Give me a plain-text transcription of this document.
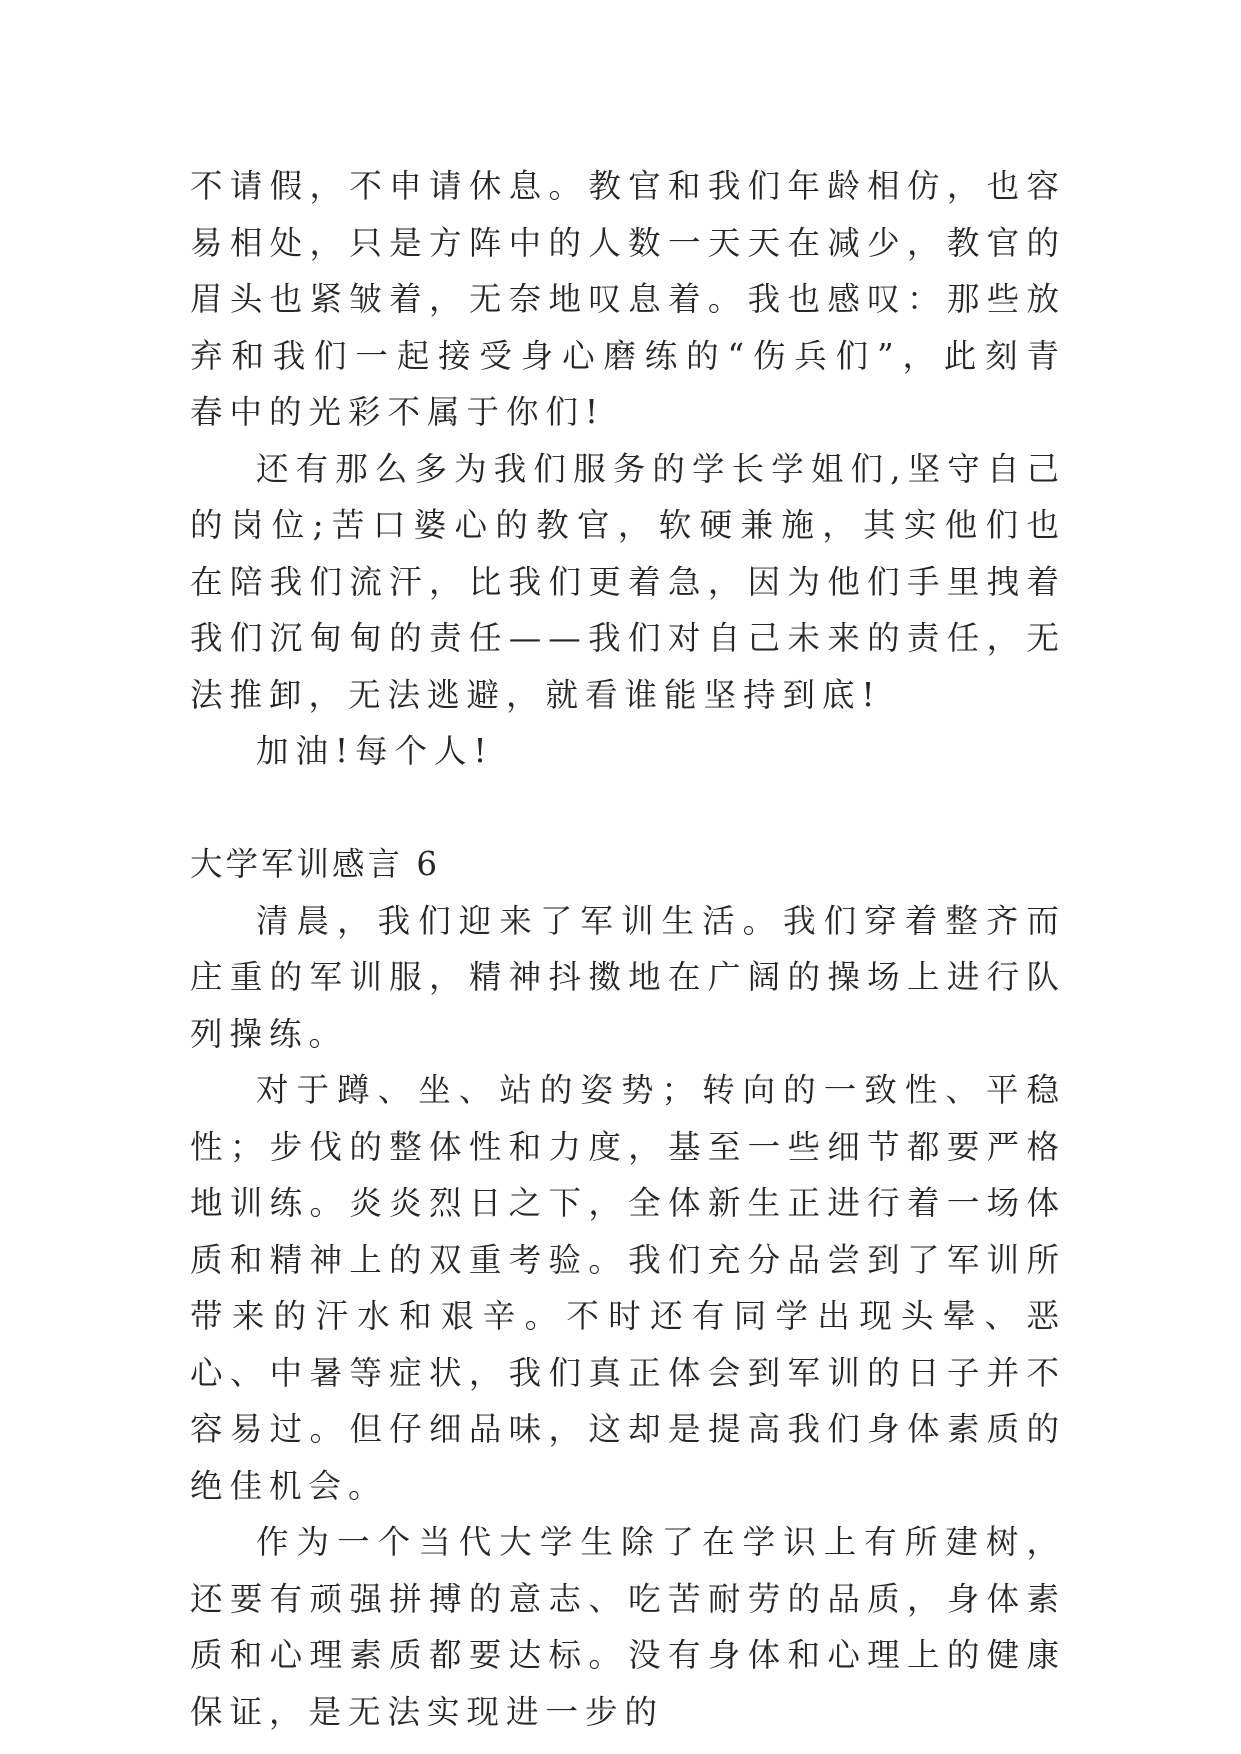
不请假，不申请休息。教官和我们年龄相仿，也容易相处，只是方阵中的人数一天天在减少，教官的眉头也紧皱着，无奈地叹息着。我也感叹：那些放弃和我们一起接受身心磨练的“伤兵们”，此刻青春中的光彩不属于你们!

还有那么多为我们服务的学长学姐们,坚守自己的岗位;苦口婆心的教官，软硬兼施，其实他们也在陪我们流汗，比我们更着急，因为他们手里拽着我们沉甸甸的责任——我们对自己未来的责任，无法推卸，无法逃避，就看谁能坚持到底!

加油!每个人!

大学军训感言 6

清晨，我们迎来了军训生活。我们穿着整齐而庄重的军训服，精神抖擞地在广阔的操场上进行队列操练。

对于蹲、坐、站的姿势；转向的一致性、平稳性；步伐的整体性和力度，基至一些细节都要严格地训练。炎炎烈日之下，全体新生正进行着一场体质和精神上的双重考验。我们充分品尝到了军训所带来的汗水和艰辛。不时还有同学出现头晕、恶心、中暑等症状，我们真正体会到军训的日子并不容易过。但仔细品味，这却是提高我们身体素质的绝佳机会。

作为一个当代大学生除了在学识上有所建树，还要有顽强拼搏的意志、吃苦耐劳的品质，身体素质和心理素质都要达标。没有身体和心理上的健康保证，是无法实现进一步的
